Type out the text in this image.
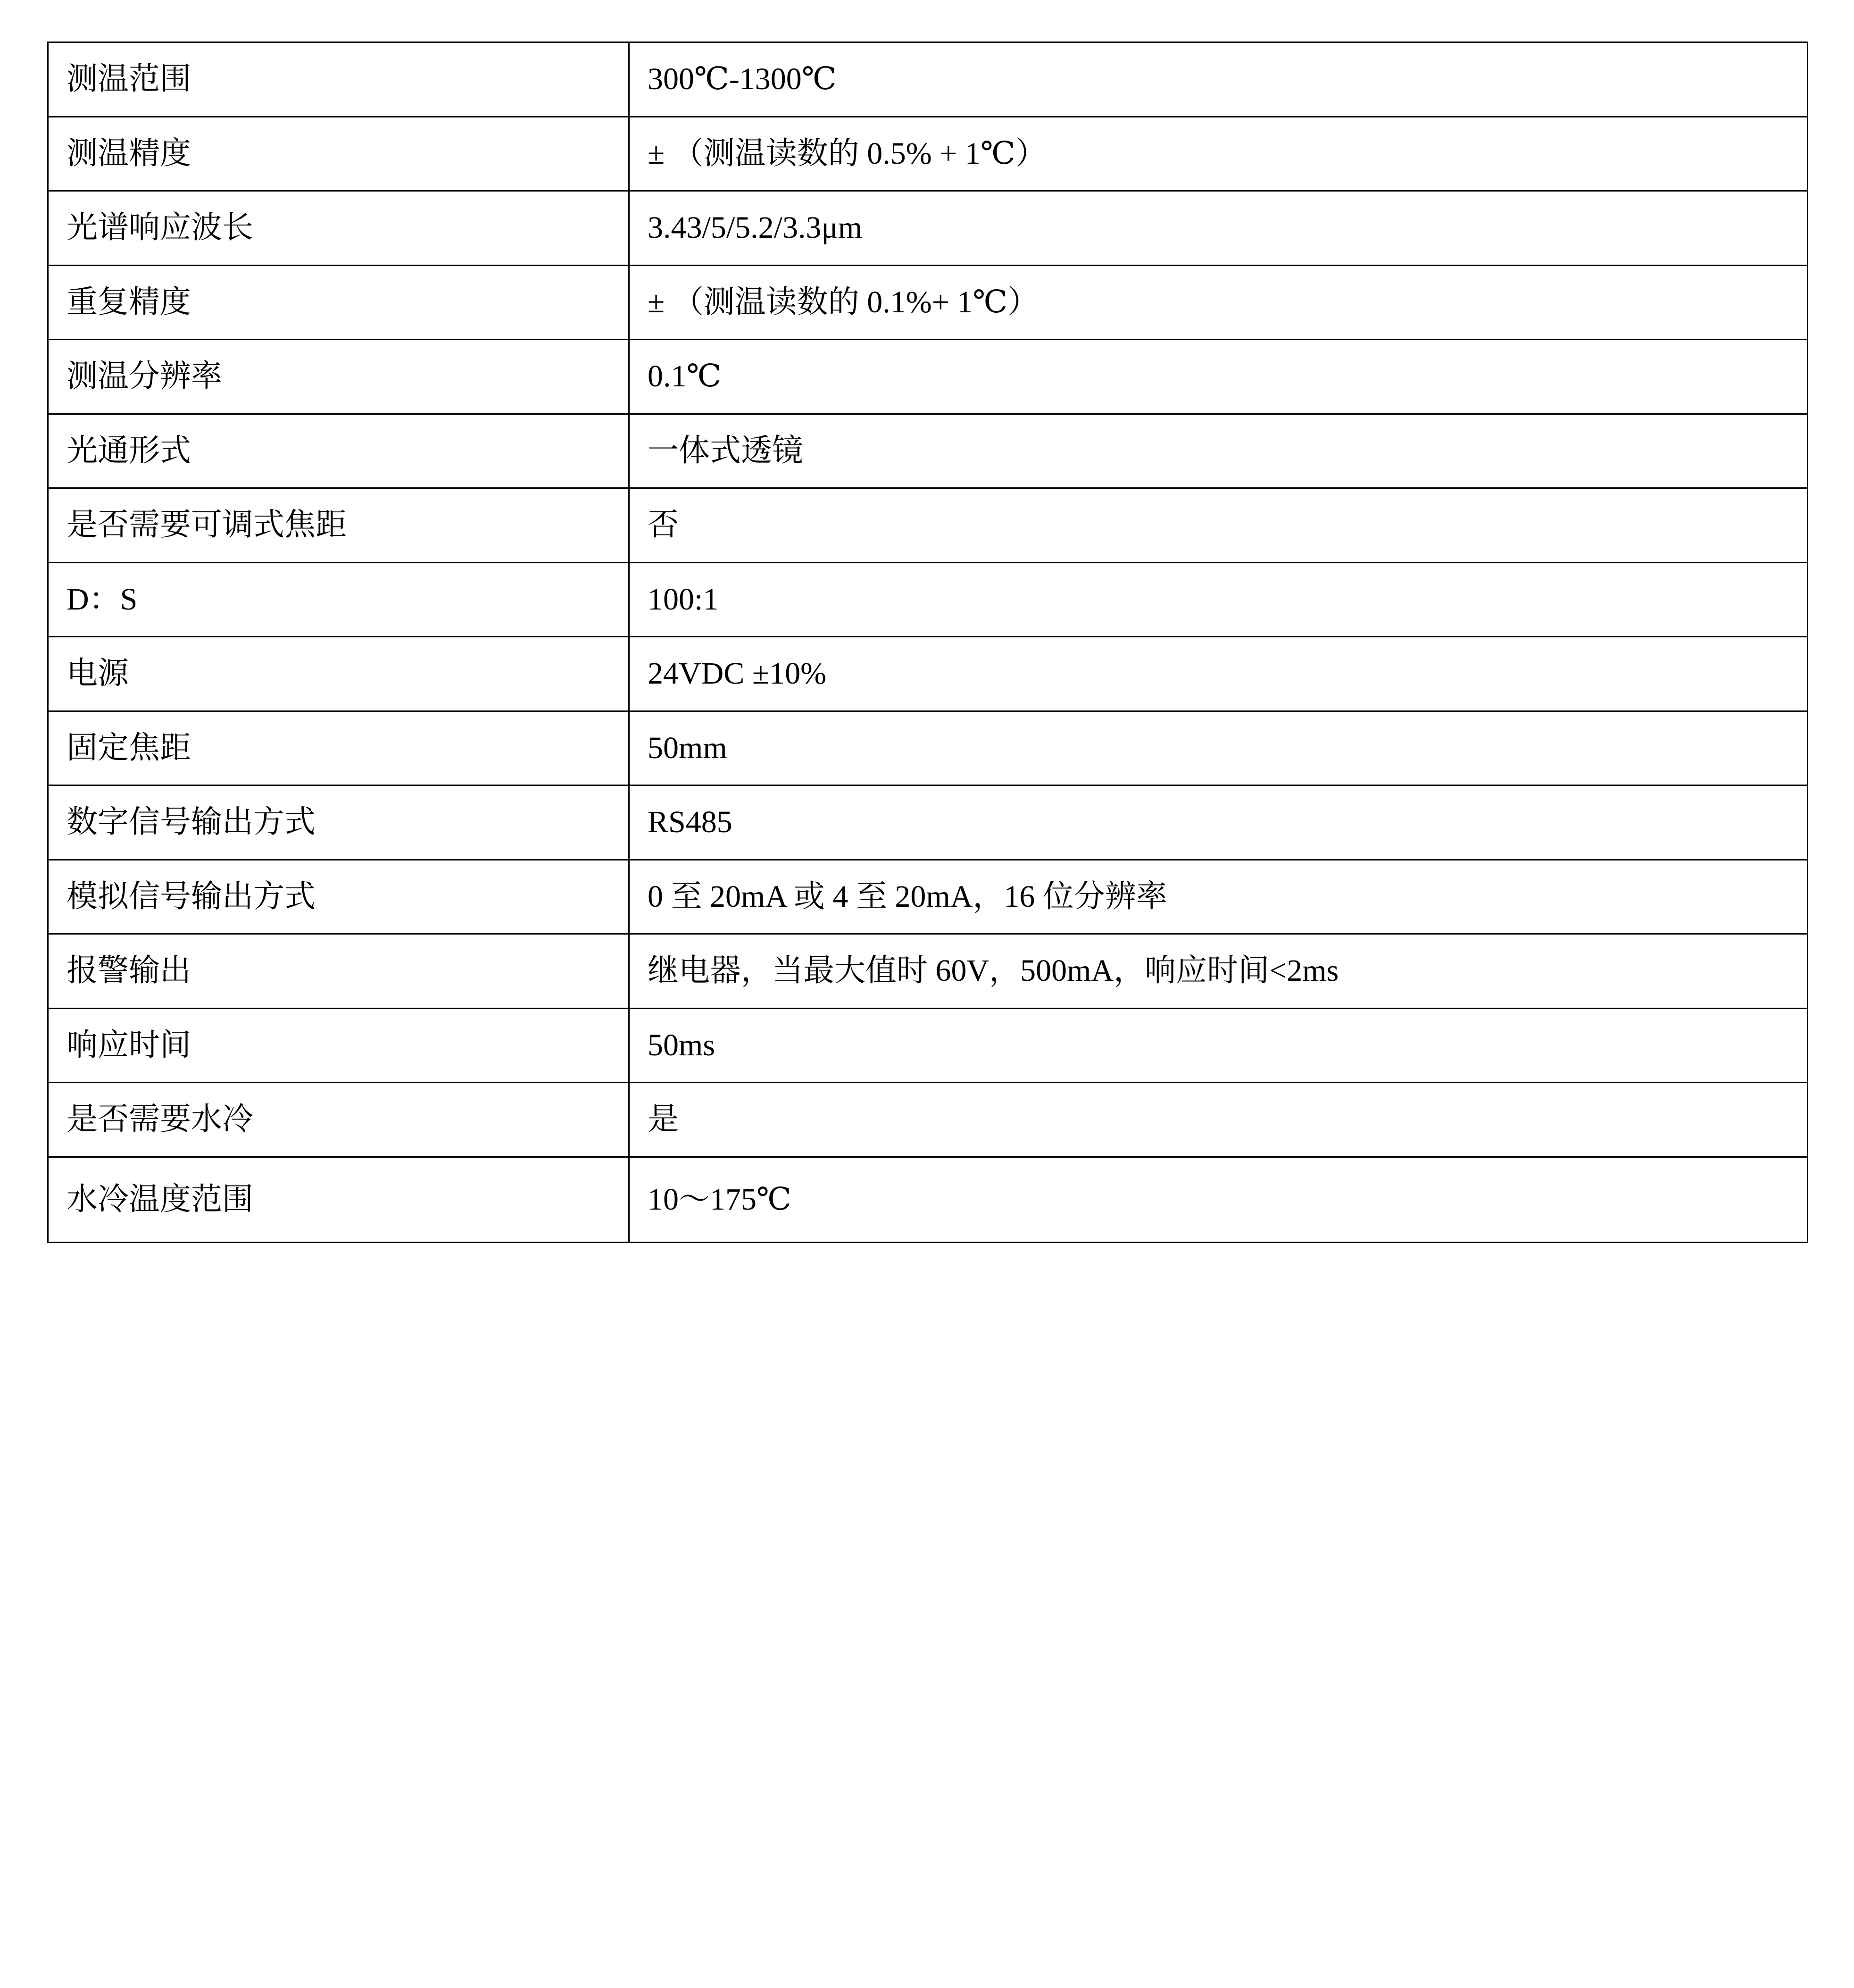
测温范围	300℃-1300℃
测温精度	± （测温读数的 0.5% + 1℃）
光谱响应波长	3.43/5/5.2/3.3μm
重复精度	± （测温读数的 0.1%+ 1℃）
测温分辨率	0.1℃
光通形式	一体式透镜
是否需要可调式焦距	否
D：S	100:1
电源	24VDC ±10%
固定焦距	50mm
数字信号输出方式	RS485
模拟信号输出方式	0 至 20mA 或 4 至 20mA，16 位分辨率
报警输出	继电器，当最大值时 60V，500mA，响应时间<2ms
响应时间	50ms
是否需要水冷	是
水冷温度范围	10～175℃
